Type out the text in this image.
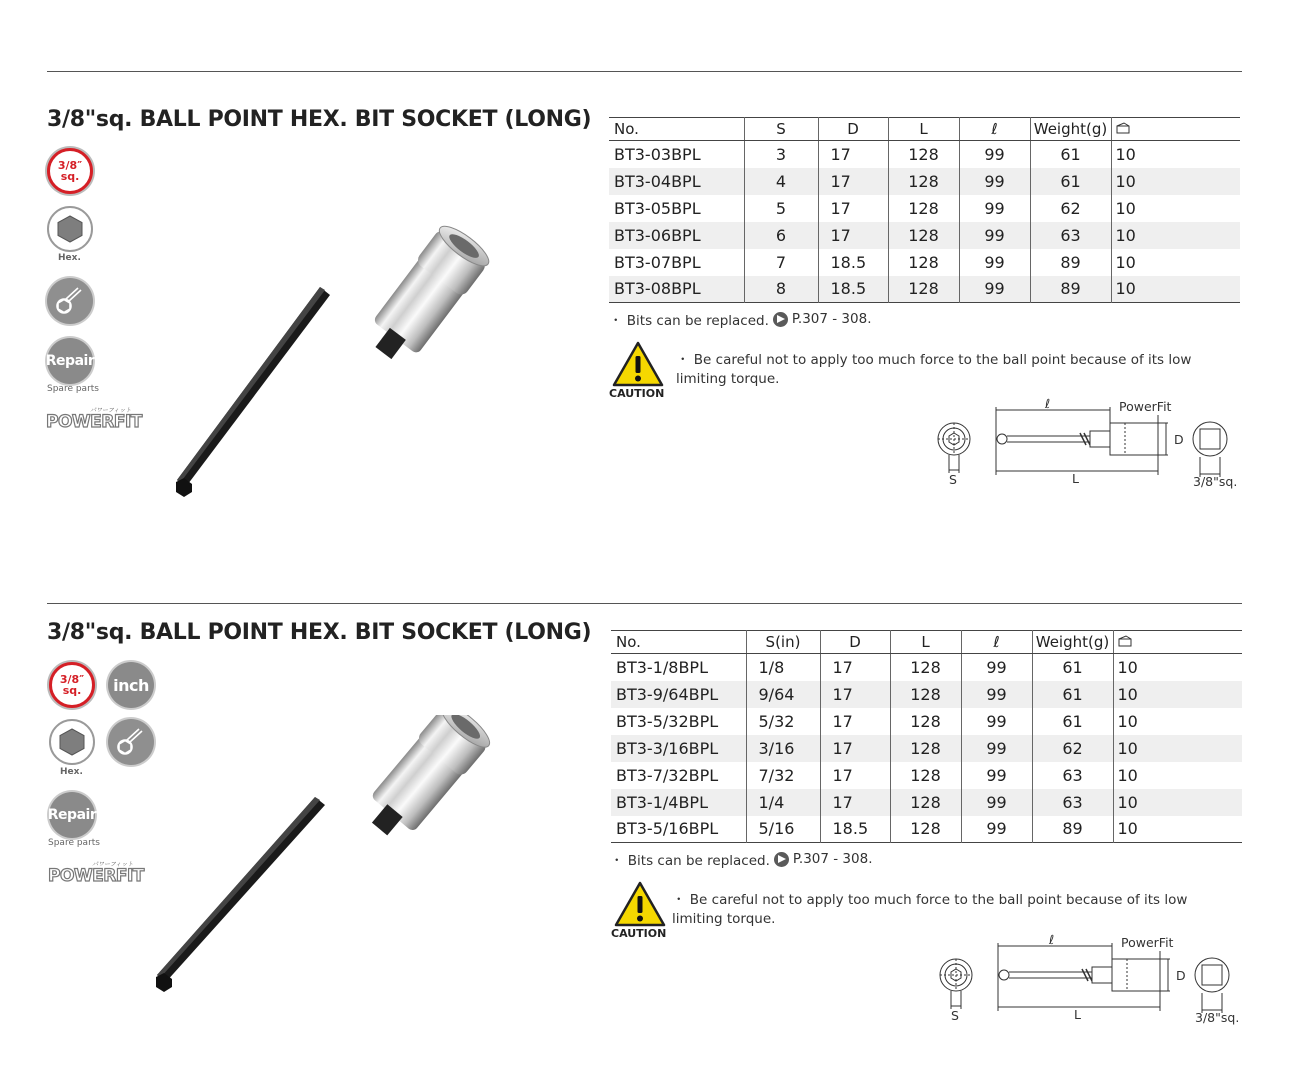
3/8"sq. BALL POINT HEX. BIT SOCKET (LONG)
3/8″
sq.
Hex.
Repair
Spare parts
パワーフィット
POWERFIT
No.	S	D	L	ℓ	Weight(g)	
BT3-03BPL	3	17	128	99	61	10
BT3-04BPL	4	17	128	99	61	10
BT3-05BPL	5	17	128	99	62	10
BT3-06BPL	6	17	128	99	63	10
BT3-07BPL	7	18.5	128	99	89	10
BT3-08BPL	8	18.5	128	99	89	10
・ Bits can be replaced. P.307 - 308.
CAUTION
・ Be careful not to apply too much force to the ball point because of its low limiting torque.
ℓ	PowerFit
D
S	L	3/8"sq.
3/8"sq. BALL POINT HEX. BIT SOCKET (LONG)
3/8″
sq.	inch
Hex.
Repair
Spare parts
パワーフィット
POWERFIT
No.	S(in)	D	L	ℓ	Weight(g)	
BT3-1/8BPL	1/8	17	128	99	61	10
BT3-9/64BPL	9/64	17	128	99	61	10
BT3-5/32BPL	5/32	17	128	99	61	10
BT3-3/16BPL	3/16	17	128	99	62	10
BT3-7/32BPL	7/32	17	128	99	63	10
BT3-1/4BPL	1/4	17	128	99	63	10
BT3-5/16BPL	5/16	18.5	128	99	89	10
・ Bits can be replaced. P.307 - 308.
CAUTION
・ Be careful not to apply too much force to the ball point because of its low limiting torque.
ℓ	PowerFit
D
S	L	3/8"sq.
